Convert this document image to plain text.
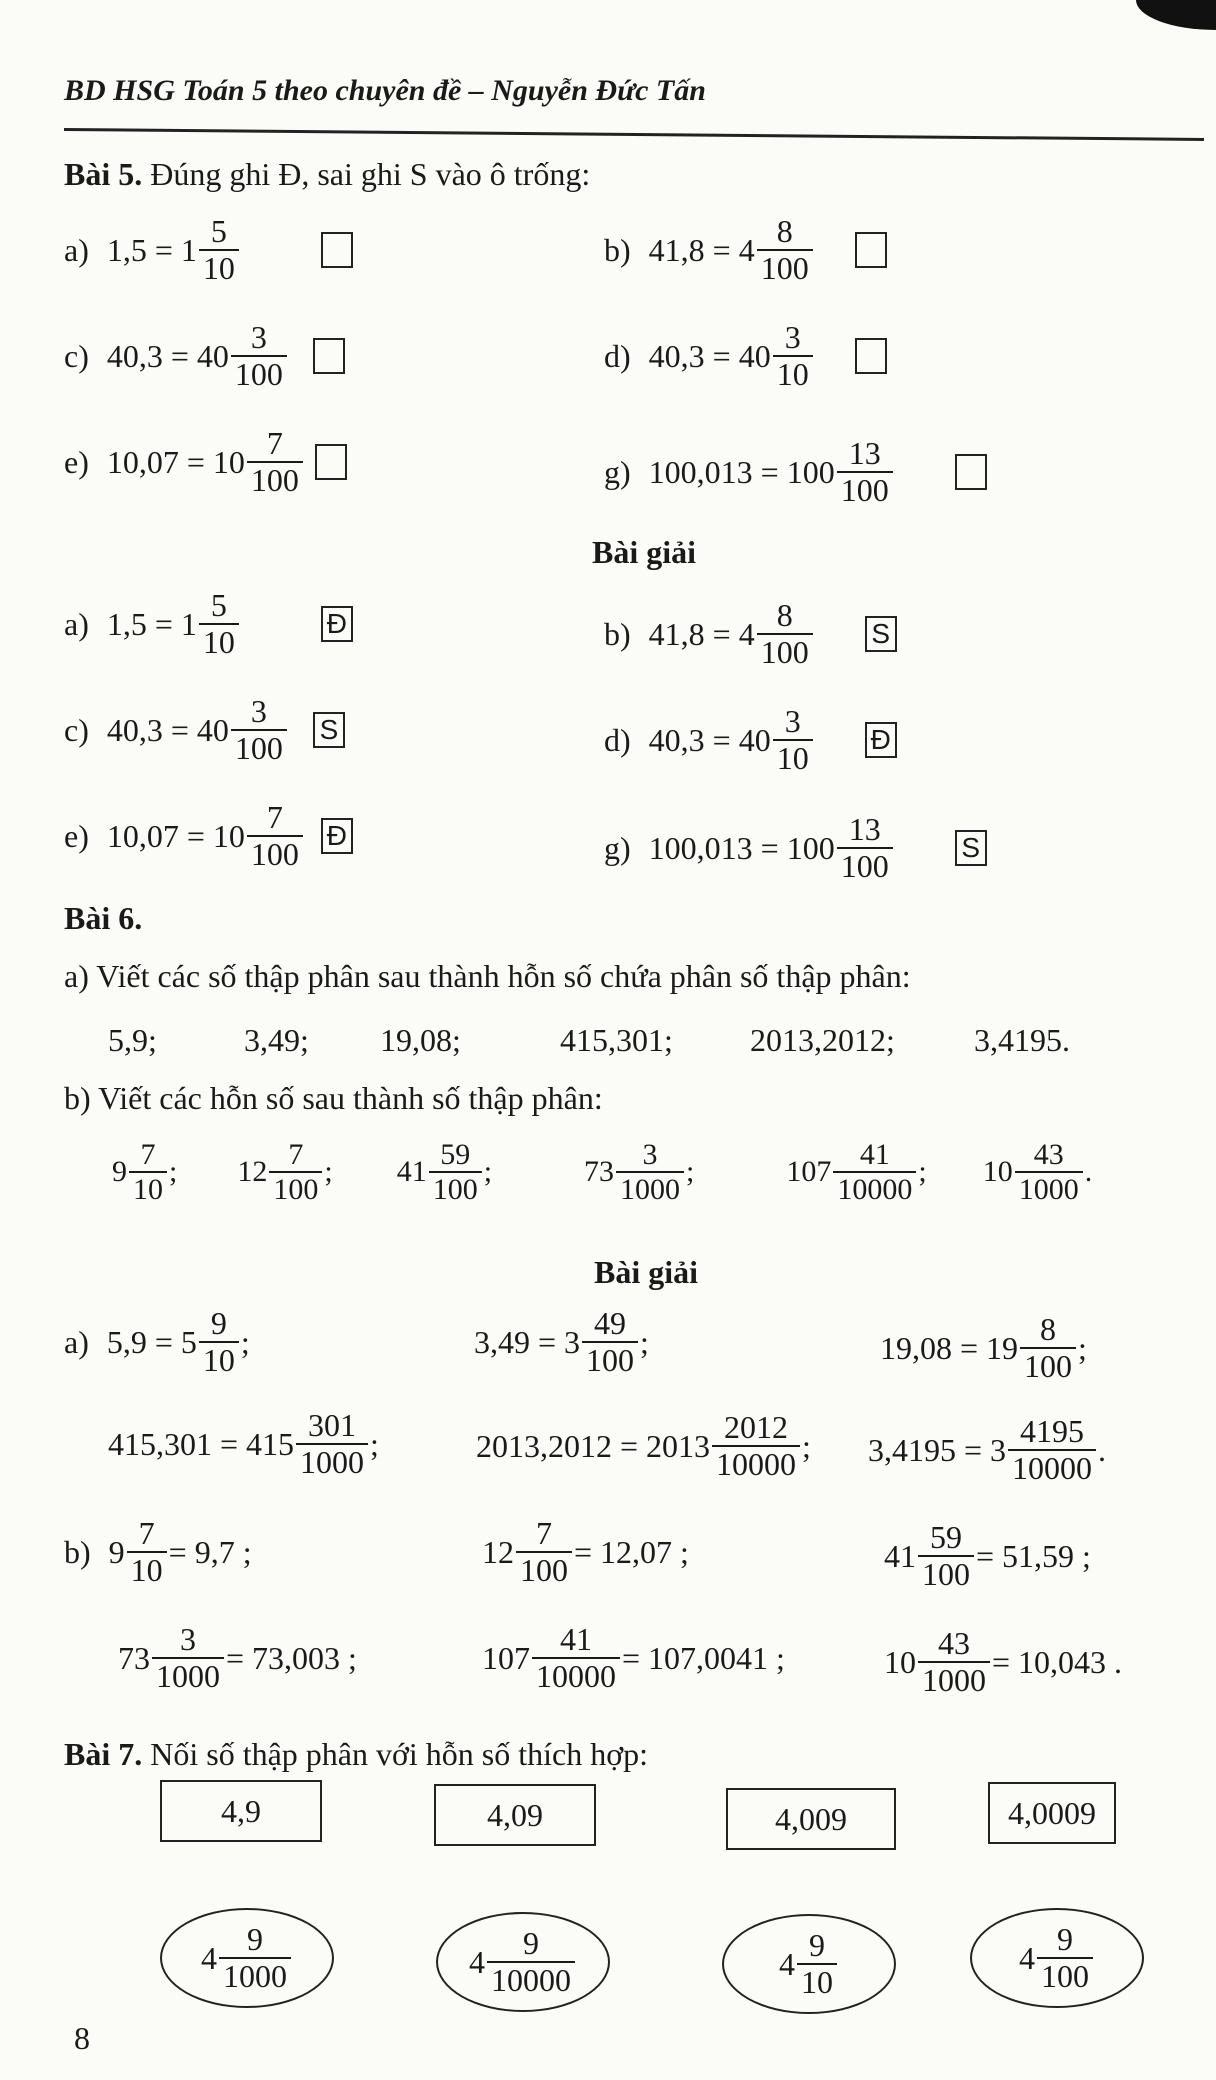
BD HSG Toán 5 theo chuyên đề – Nguyễn Đức Tấn
Bài 5. Đúng ghi Đ, sai ghi S vào ô trống:
a) $1,5 = 1 \frac{5}{10}$	b) $41,8 = 4 \frac{8}{100}$
c) $40,3 = 40 \frac{3}{100}$	d) $40,3 = 40 \frac{3}{10}$
e) $10,07 = 10 \frac{7}{100}$	g) $100,013 = 100 \frac{13}{100}$
Bài giải
a) $1,5 = 1 \frac{5}{10}$	Đ	b) $41,8 = 4 \frac{8}{100}$ S
c) $40,3 = 40 \frac{3}{100}$ S	d) $40,3 = 40 \frac{3}{10}$ Đ
e) $10,07 = 10 \frac{7}{100}$ Đ	g) $100,013 = 100 \frac{13}{100}$ S
Bài 6.
a) Viết các số thập phân sau thành hỗn số chứa phân số thập phân:
5,9;	3,49; 19,08;	415,301; 2013,2012; 3,4195.
b) Viết các hỗn số sau thành số thập phân:
$9 \frac{7}{10}$ ; $12 \frac{7}{100}$ ; $41 \frac{59}{100}$ ;	$73 \frac{3}{1000}$ ;	$107 \frac{41}{10000}$ ; $10 \frac{43}{1000}$ .
Bài giải
a) $5,9 = 5 \frac{9}{10}$ ;	$3,49 = 3 \frac{49}{100}$ ;	$19,08 = 19 \frac{8}{100}$ ;
$415,301 = 415 \frac{301}{1000}$ ;	$2013,2012 = 2013 \frac{2012}{10000}$ ; $3,4195 = 3 \frac{4195}{10000}$ .
b) $9 \frac{7}{10} = 9,7$ ;	$12 \frac{7}{100} = 12,07$ ;	$41 \frac{59}{100} = 51,59$ ;
$73 \frac{3}{1000} = 73,003$ ;	$107 \frac{41}{10000} = 107,0041$ ;	$10 \frac{43}{1000} = 10,043$ .
Bài 7. Nối số thập phân với hỗn số thích hợp:
4,9	4,09	4,009	4,0009
$4 \frac{9}{1000}$	$4 \frac{9}{10000}$	$4 \frac{9}{10}$	$4 \frac{9}{100}$
8
